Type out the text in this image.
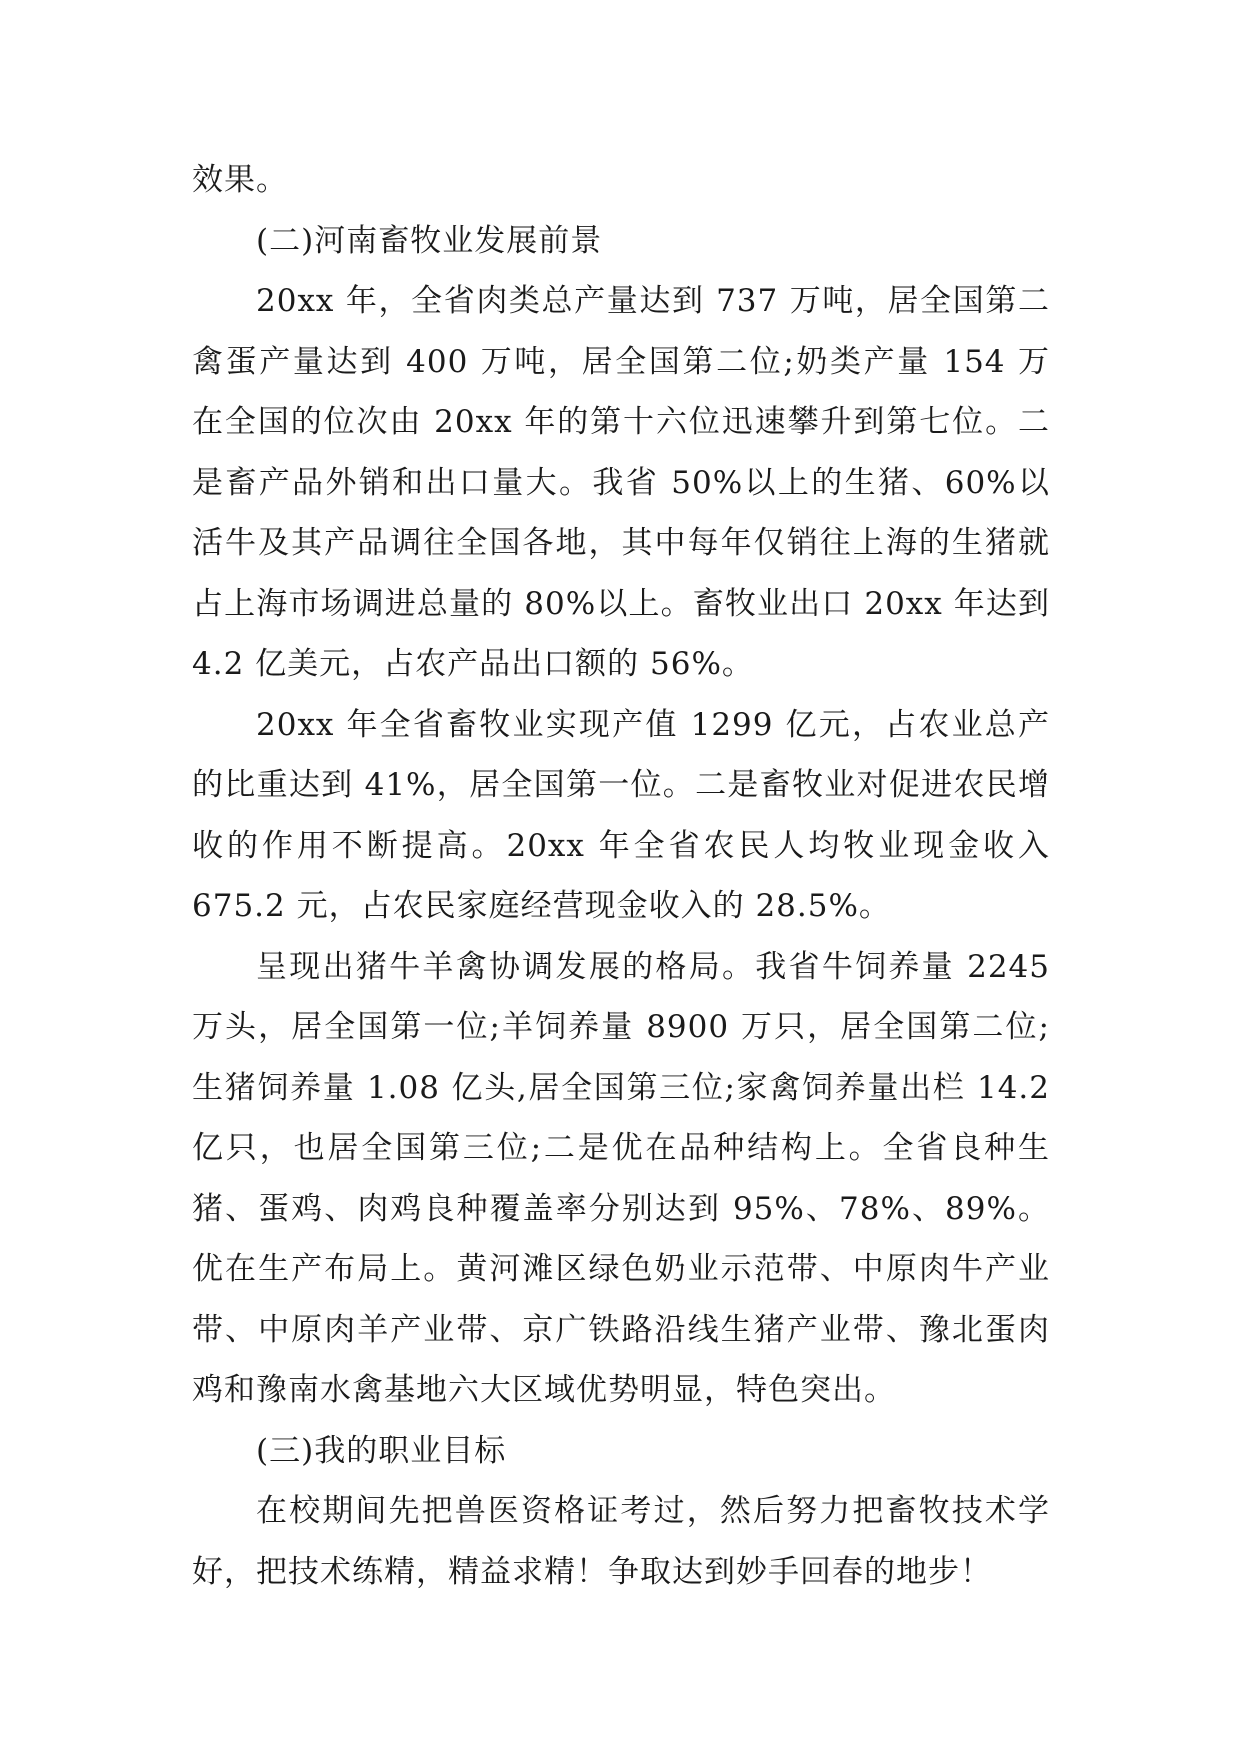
效果。
(二)河南畜牧业发展前景
20xx 年，全省肉类总产量达到 737 万吨，居全国第二
禽蛋产量达到 400 万吨，居全国第二位;奶类产量 154 万
在全国的位次由 20xx 年的第十六位迅速攀升到第七位。二
是畜产品外销和出口量大。我省 50%以上的生猪、60%以
活牛及其产品调往全国各地，其中每年仅销往上海的生猪就
占上海市场调进总量的 80%以上。畜牧业出口 20xx 年达到
4.2 亿美元，占农产品出口额的 56%。
20xx 年全省畜牧业实现产值 1299 亿元，占农业总产
的比重达到 41%，居全国第一位。二是畜牧业对促进农民增
收的作用不断提高。20xx 年全省农民人均牧业现金收入
675.2 元，占农民家庭经营现金收入的 28.5%。
呈现出猪牛羊禽协调发展的格局。我省牛饲养量 2245
万头，居全国第一位;羊饲养量 8900 万只，居全国第二位;
生猪饲养量 1.08 亿头,居全国第三位;家禽饲养量出栏 14.2
亿只，也居全国第三位;二是优在品种结构上。全省良种生
猪、蛋鸡、肉鸡良种覆盖率分别达到 95%、78%、89%。
优在生产布局上。黄河滩区绿色奶业示范带、中原肉牛产业
带、中原肉羊产业带、京广铁路沿线生猪产业带、豫北蛋肉
鸡和豫南水禽基地六大区域优势明显，特色突出。
(三)我的职业目标
在校期间先把兽医资格证考过，然后努力把畜牧技术学
好，把技术练精，精益求精！争取达到妙手回春的地步！
